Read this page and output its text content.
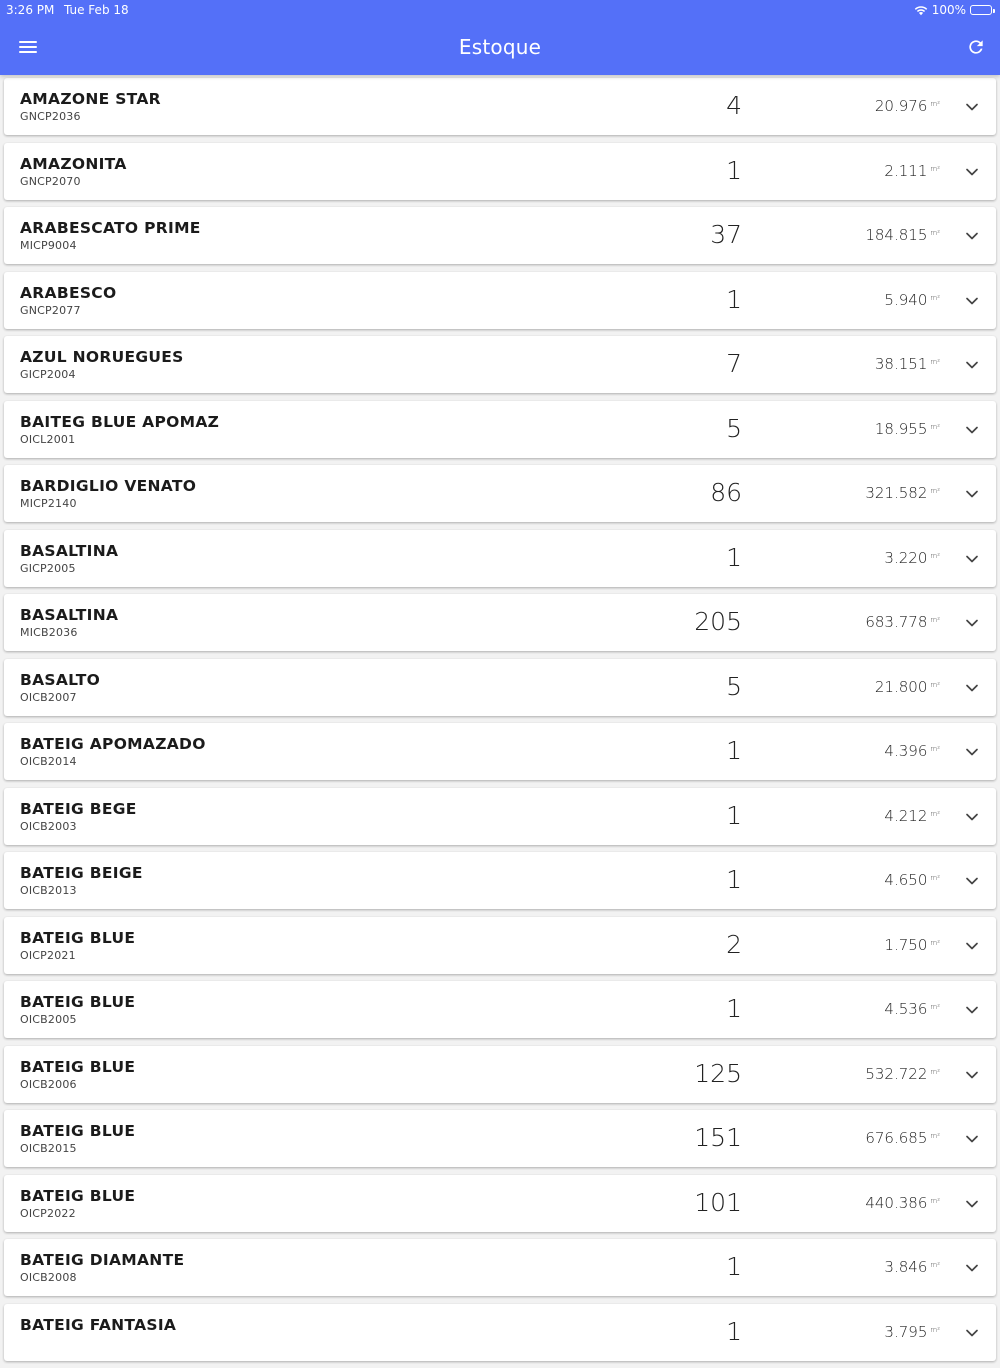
3:26 PM Tue Feb 18	100%
Estoque
AMAZONE STAR
GNCP2036	4	20.976 $^{m^2}$
AMAZONITA
GNCP2070	1	2.111 $^{m^2}$
ARABESCATO PRIME
MICP9004	37	184.815 $^{m^2}$
ARABESCO
GNCP2077	1	5.940 $^{m^2}$
AZUL NORUEGUES
GICP2004	7	38.151 $^{m^2}$
BAITEG BLUE APOMAZ
OICL2001	5	18.955 $^{m^2}$
BARDIGLIO VENATO
MICP2140	86	321.582 $^{m^2}$
BASALTINA
GICP2005	1	3.220 $^{m^2}$
BASALTINA
MICB2036	205	683.778 $^{m^2}$
BASALTO
OICB2007	5	21.800 $^{m^2}$
BATEIG APOMAZADO
OICB2014	1	4.396 $^{m^2}$
BATEIG BEGE
OICB2003	1	4.212 $^{m^2}$
BATEIG BEIGE
OICB2013	1	4.650 $^{m^2}$
BATEIG BLUE
OICP2021	2	1.750 $^{m^2}$
BATEIG BLUE
OICB2005	1	4.536 $^{m^2}$
BATEIG BLUE
OICB2006	125	532.722 $^{m^2}$
BATEIG BLUE
OICB2015	151	676.685 $^{m^2}$
BATEIG BLUE
OICP2022	101	440.386 $^{m^2}$
BATEIG DIAMANTE
OICB2008	1	3.846 $^{m^2}$
BATEIG FANTASIA	1	3.795 $^{m^2}$
